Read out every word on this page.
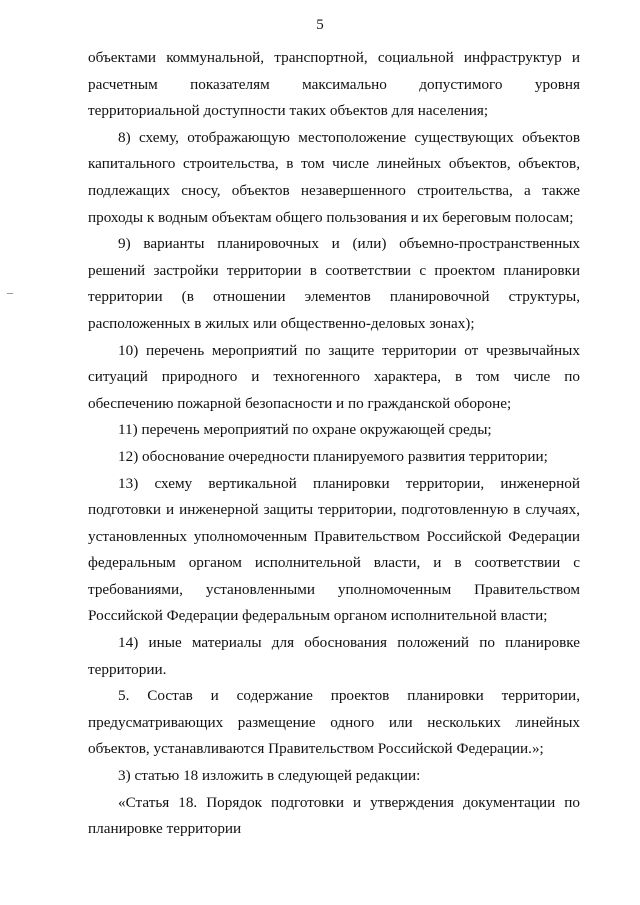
5

объектами коммунальной, транспортной, социальной инфраструктур и расчетным показателям максимально допустимого уровня территориальной доступности таких объектов для населения;

8) схему, отображающую местоположение существующих объектов капитального строительства, в том числе линейных объектов, объектов, подлежащих сносу, объектов незавершенного строительства, а также проходы к водным объектам общего пользования и их береговым полосам;

9) варианты планировочных и (или) объемно-пространственных решений застройки территории в соответствии с проектом планировки территории (в отношении элементов планировочной структуры, расположенных в жилых или общественно-деловых зонах);

10) перечень мероприятий по защите территории от чрезвычайных ситуаций природного и техногенного характера, в том числе по обеспечению пожарной безопасности и по гражданской обороне;

11) перечень мероприятий по охране окружающей среды;

12) обоснование очередности планируемого развития территории;

13) схему вертикальной планировки территории, инженерной подготовки и инженерной защиты территории, подготовленную в случаях, установленных уполномоченным Правительством Российской Федерации федеральным органом исполнительной власти, и в соответствии с требованиями, установленными уполномоченным Правительством Российской Федерации федеральным органом исполнительной власти;

14) иные материалы для обоснования положений по планировке территории.

5. Состав и содержание проектов планировки территории, предусматривающих размещение одного или нескольких линейных объектов, устанавливаются Правительством Российской Федерации.»;

3) статью 18 изложить в следующей редакции:

«Статья 18. Порядок подготовки и утверждения документации по планировке территории
